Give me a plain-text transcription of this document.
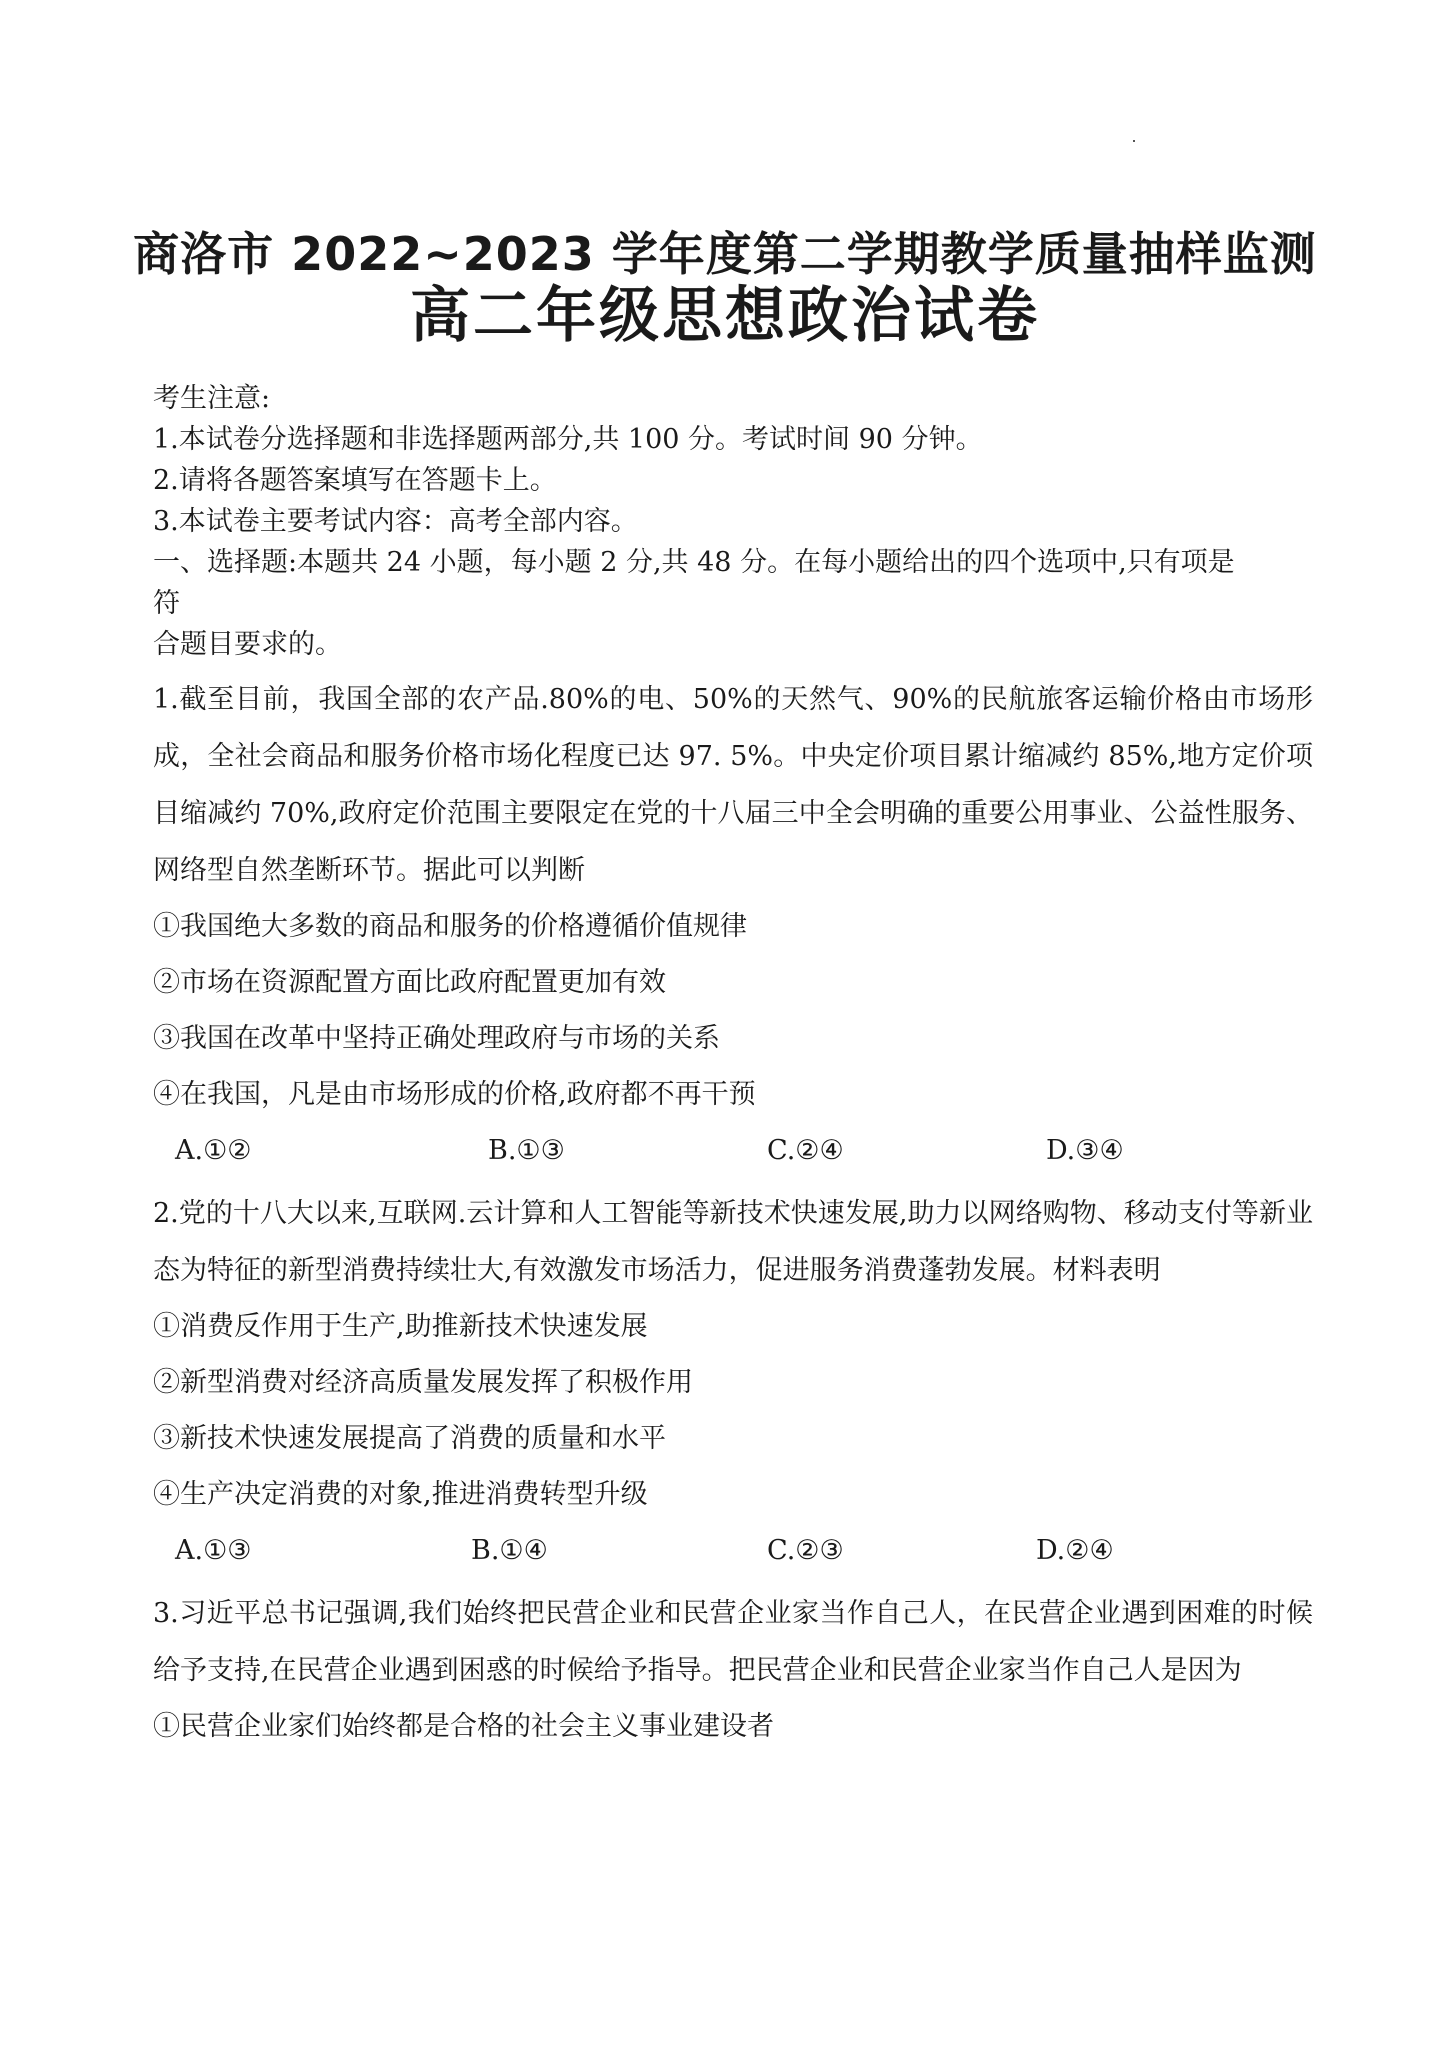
商洛市 2022~2023 学年度第二学期教学质量抽样监测
高二年级思想政治试卷
考生注意:
1.本试卷分选择题和非选择题两部分,共 100 分。考试时间 90 分钟。
2.请将各题答案填写在答题卡上。
3.本试卷主要考试内容：高考全部内容。
一、选择题:本题共 24 小题，每小题 2 分,共 48 分。在每小题给出的四个选项中,只有项是
符
合题目要求的。
1.截至目前，我国全部的农产品.80%的电、50%的天然气、90%的民航旅客运输价格由市场形成，全社会商品和服务价格市场化程度已达 97. 5%。中央定价项目累计缩减约 85%,地方定价项目缩减约 70%,政府定价范围主要限定在党的十八届三中全会明确的重要公用事业、公益性服务、网络型自然垄断环节。据此可以判断
①我国绝大多数的商品和服务的价格遵循价值规律
②市场在资源配置方面比政府配置更加有效
③我国在改革中坚持正确处理政府与市场的关系
④在我国，凡是由市场形成的价格,政府都不再干预
A.①②	B.①③	C.②④	D.③④
2.党的十八大以来,互联网.云计算和人工智能等新技术快速发展,助力以网络购物、移动支付等新业态为特征的新型消费持续壮大,有效激发市场活力，促进服务消费蓬勃发展。材料表明
①消费反作用于生产,助推新技术快速发展
②新型消费对经济高质量发展发挥了积极作用
③新技术快速发展提高了消费的质量和水平
④生产决定消费的对象,推进消费转型升级
A.①③	B.①④	C.②③	D.②④
3.习近平总书记强调,我们始终把民营企业和民营企业家当作自己人，在民营企业遇到困难的时候给予支持,在民营企业遇到困惑的时候给予指导。把民营企业和民营企业家当作自己人是因为
①民营企业家们始终都是合格的社会主义事业建设者
